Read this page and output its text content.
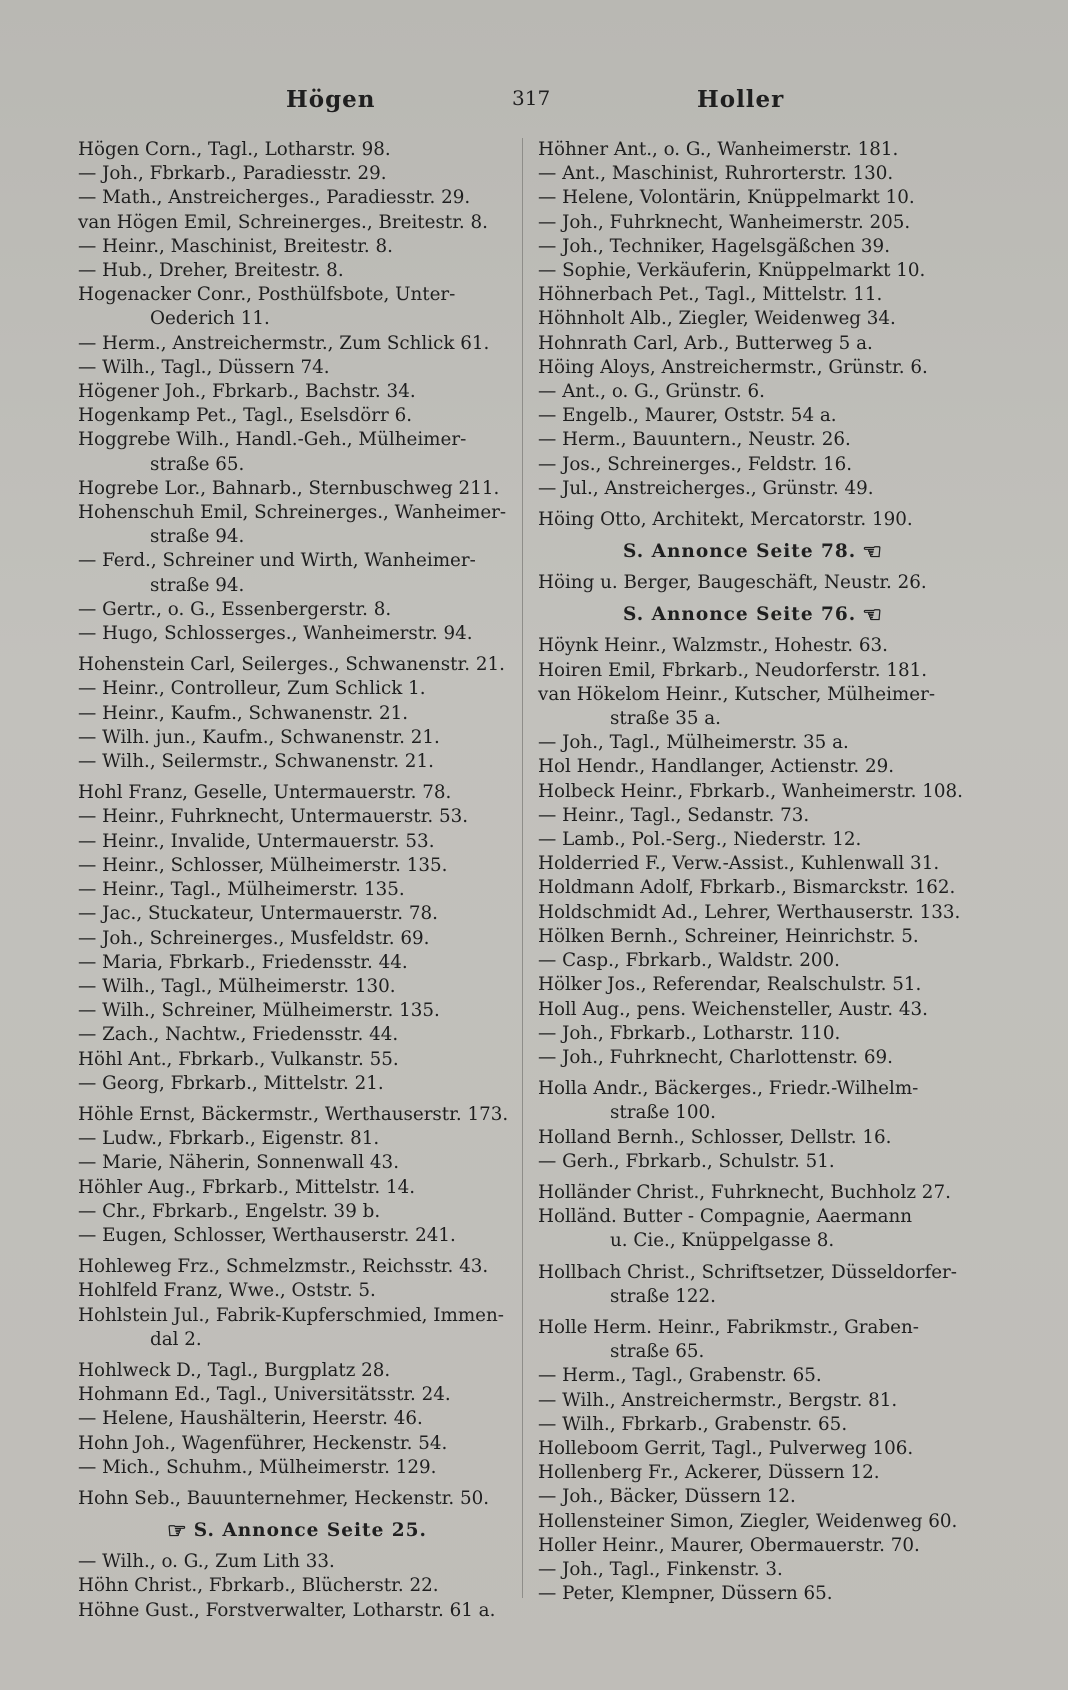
Högen	317	Holler
Högen Corn., Tagl., Lotharstr. 98.
— Joh., Fbrkarb., Paradiesstr. 29.
— Math., Anstreicherges., Paradiesstr. 29.
van Högen Emil, Schreinerges., Breitestr. 8.
— Heinr., Maschinist, Breitestr. 8.
— Hub., Dreher, Breitestr. 8.
Hogenacker Conr., Posthülfsbote, Unter-
Oederich 11.
— Herm., Anstreichermstr., Zum Schlick 61.
— Wilh., Tagl., Düssern 74.
Högener Joh., Fbrkarb., Bachstr. 34.
Hogenkamp Pet., Tagl., Eselsdörr 6.
Hoggrebe Wilh., Handl.-Geh., Mülheimer-
straße 65.
Hogrebe Lor., Bahnarb., Sternbuschweg 211.
Hohenschuh Emil, Schreinerges., Wanheimer-
straße 94.
— Ferd., Schreiner und Wirth, Wanheimer-
straße 94.
— Gertr., o. G., Essenbergerstr. 8.
— Hugo, Schlosserges., Wanheimerstr. 94.
Hohenstein Carl, Seilerges., Schwanenstr. 21.
— Heinr., Controlleur, Zum Schlick 1.
— Heinr., Kaufm., Schwanenstr. 21.
— Wilh. jun., Kaufm., Schwanenstr. 21.
— Wilh., Seilermstr., Schwanenstr. 21.
Hohl Franz, Geselle, Untermauerstr. 78.
— Heinr., Fuhrknecht, Untermauerstr. 53.
— Heinr., Invalide, Untermauerstr. 53.
— Heinr., Schlosser, Mülheimerstr. 135.
— Heinr., Tagl., Mülheimerstr. 135.
— Jac., Stuckateur, Untermauerstr. 78.
— Joh., Schreinerges., Musfeldstr. 69.
— Maria, Fbrkarb., Friedensstr. 44.
— Wilh., Tagl., Mülheimerstr. 130.
— Wilh., Schreiner, Mülheimerstr. 135.
— Zach., Nachtw., Friedensstr. 44.
Höhl Ant., Fbrkarb., Vulkanstr. 55.
— Georg, Fbrkarb., Mittelstr. 21.
Höhle Ernst, Bäckermstr., Werthauserstr. 173.
— Ludw., Fbrkarb., Eigenstr. 81.
— Marie, Näherin, Sonnenwall 43.
Höhler Aug., Fbrkarb., Mittelstr. 14.
— Chr., Fbrkarb., Engelstr. 39 b.
— Eugen, Schlosser, Werthauserstr. 241.
Hohleweg Frz., Schmelzmstr., Reichsstr. 43.
Hohlfeld Franz, Wwe., Oststr. 5.
Hohlstein Jul., Fabrik-Kupferschmied, Immen-
dal 2.
Hohlweck D., Tagl., Burgplatz 28.
Hohmann Ed., Tagl., Universitätsstr. 24.
— Helene, Haushälterin, Heerstr. 46.
Hohn Joh., Wagenführer, Heckenstr. 54.
— Mich., Schuhm., Mülheimerstr. 129.
Hohn Seb., Bauunternehmer, Heckenstr. 50.
☞ S. Annonce Seite 25.
— Wilh., o. G., Zum Lith 33.
Höhn Christ., Fbrkarb., Blücherstr. 22.
Höhne Gust., Forstverwalter, Lotharstr. 61 a.
Höhner Ant., o. G., Wanheimerstr. 181.
— Ant., Maschinist, Ruhrorterstr. 130.
— Helene, Volontärin, Knüppelmarkt 10.
— Joh., Fuhrknecht, Wanheimerstr. 205.
— Joh., Techniker, Hagelsgäßchen 39.
— Sophie, Verkäuferin, Knüppelmarkt 10.
Höhnerbach Pet., Tagl., Mittelstr. 11.
Höhnholt Alb., Ziegler, Weidenweg 34.
Hohnrath Carl, Arb., Butterweg 5 a.
Höing Aloys, Anstreichermstr., Grünstr. 6.
— Ant., o. G., Grünstr. 6.
— Engelb., Maurer, Oststr. 54 a.
— Herm., Bauuntern., Neustr. 26.
— Jos., Schreinerges., Feldstr. 16.
— Jul., Anstreicherges., Grünstr. 49.
Höing Otto, Architekt, Mercatorstr. 190.
S. Annonce Seite 78. ☜
Höing u. Berger, Baugeschäft, Neustr. 26.
S. Annonce Seite 76. ☜
Höynk Heinr., Walzmstr., Hohestr. 63.
Hoiren Emil, Fbrkarb., Neudorferstr. 181.
van Hökelom Heinr., Kutscher, Mülheimer-
straße 35 a.
— Joh., Tagl., Mülheimerstr. 35 a.
Hol Hendr., Handlanger, Actienstr. 29.
Holbeck Heinr., Fbrkarb., Wanheimerstr. 108.
— Heinr., Tagl., Sedanstr. 73.
— Lamb., Pol.-Serg., Niederstr. 12.
Holderried F., Verw.-Assist., Kuhlenwall 31.
Holdmann Adolf, Fbrkarb., Bismarckstr. 162.
Holdschmidt Ad., Lehrer, Werthauserstr. 133.
Hölken Bernh., Schreiner, Heinrichstr. 5.
— Casp., Fbrkarb., Waldstr. 200.
Hölker Jos., Referendar, Realschulstr. 51.
Holl Aug., pens. Weichensteller, Austr. 43.
— Joh., Fbrkarb., Lotharstr. 110.
— Joh., Fuhrknecht, Charlottenstr. 69.
Holla Andr., Bäckerges., Friedr.-Wilhelm-
straße 100.
Holland Bernh., Schlosser, Dellstr. 16.
— Gerh., Fbrkarb., Schulstr. 51.
Holländer Christ., Fuhrknecht, Buchholz 27.
Holländ. Butter - Compagnie, Aaermann
u. Cie., Knüppelgasse 8.
Hollbach Christ., Schriftsetzer, Düsseldorfer-
straße 122.
Holle Herm. Heinr., Fabrikmstr., Graben-
straße 65.
— Herm., Tagl., Grabenstr. 65.
— Wilh., Anstreichermstr., Bergstr. 81.
— Wilh., Fbrkarb., Grabenstr. 65.
Holleboom Gerrit, Tagl., Pulverweg 106.
Hollenberg Fr., Ackerer, Düssern 12.
— Joh., Bäcker, Düssern 12.
Hollensteiner Simon, Ziegler, Weidenweg 60.
Holler Heinr., Maurer, Obermauerstr. 70.
— Joh., Tagl., Finkenstr. 3.
— Peter, Klempner, Düssern 65.
